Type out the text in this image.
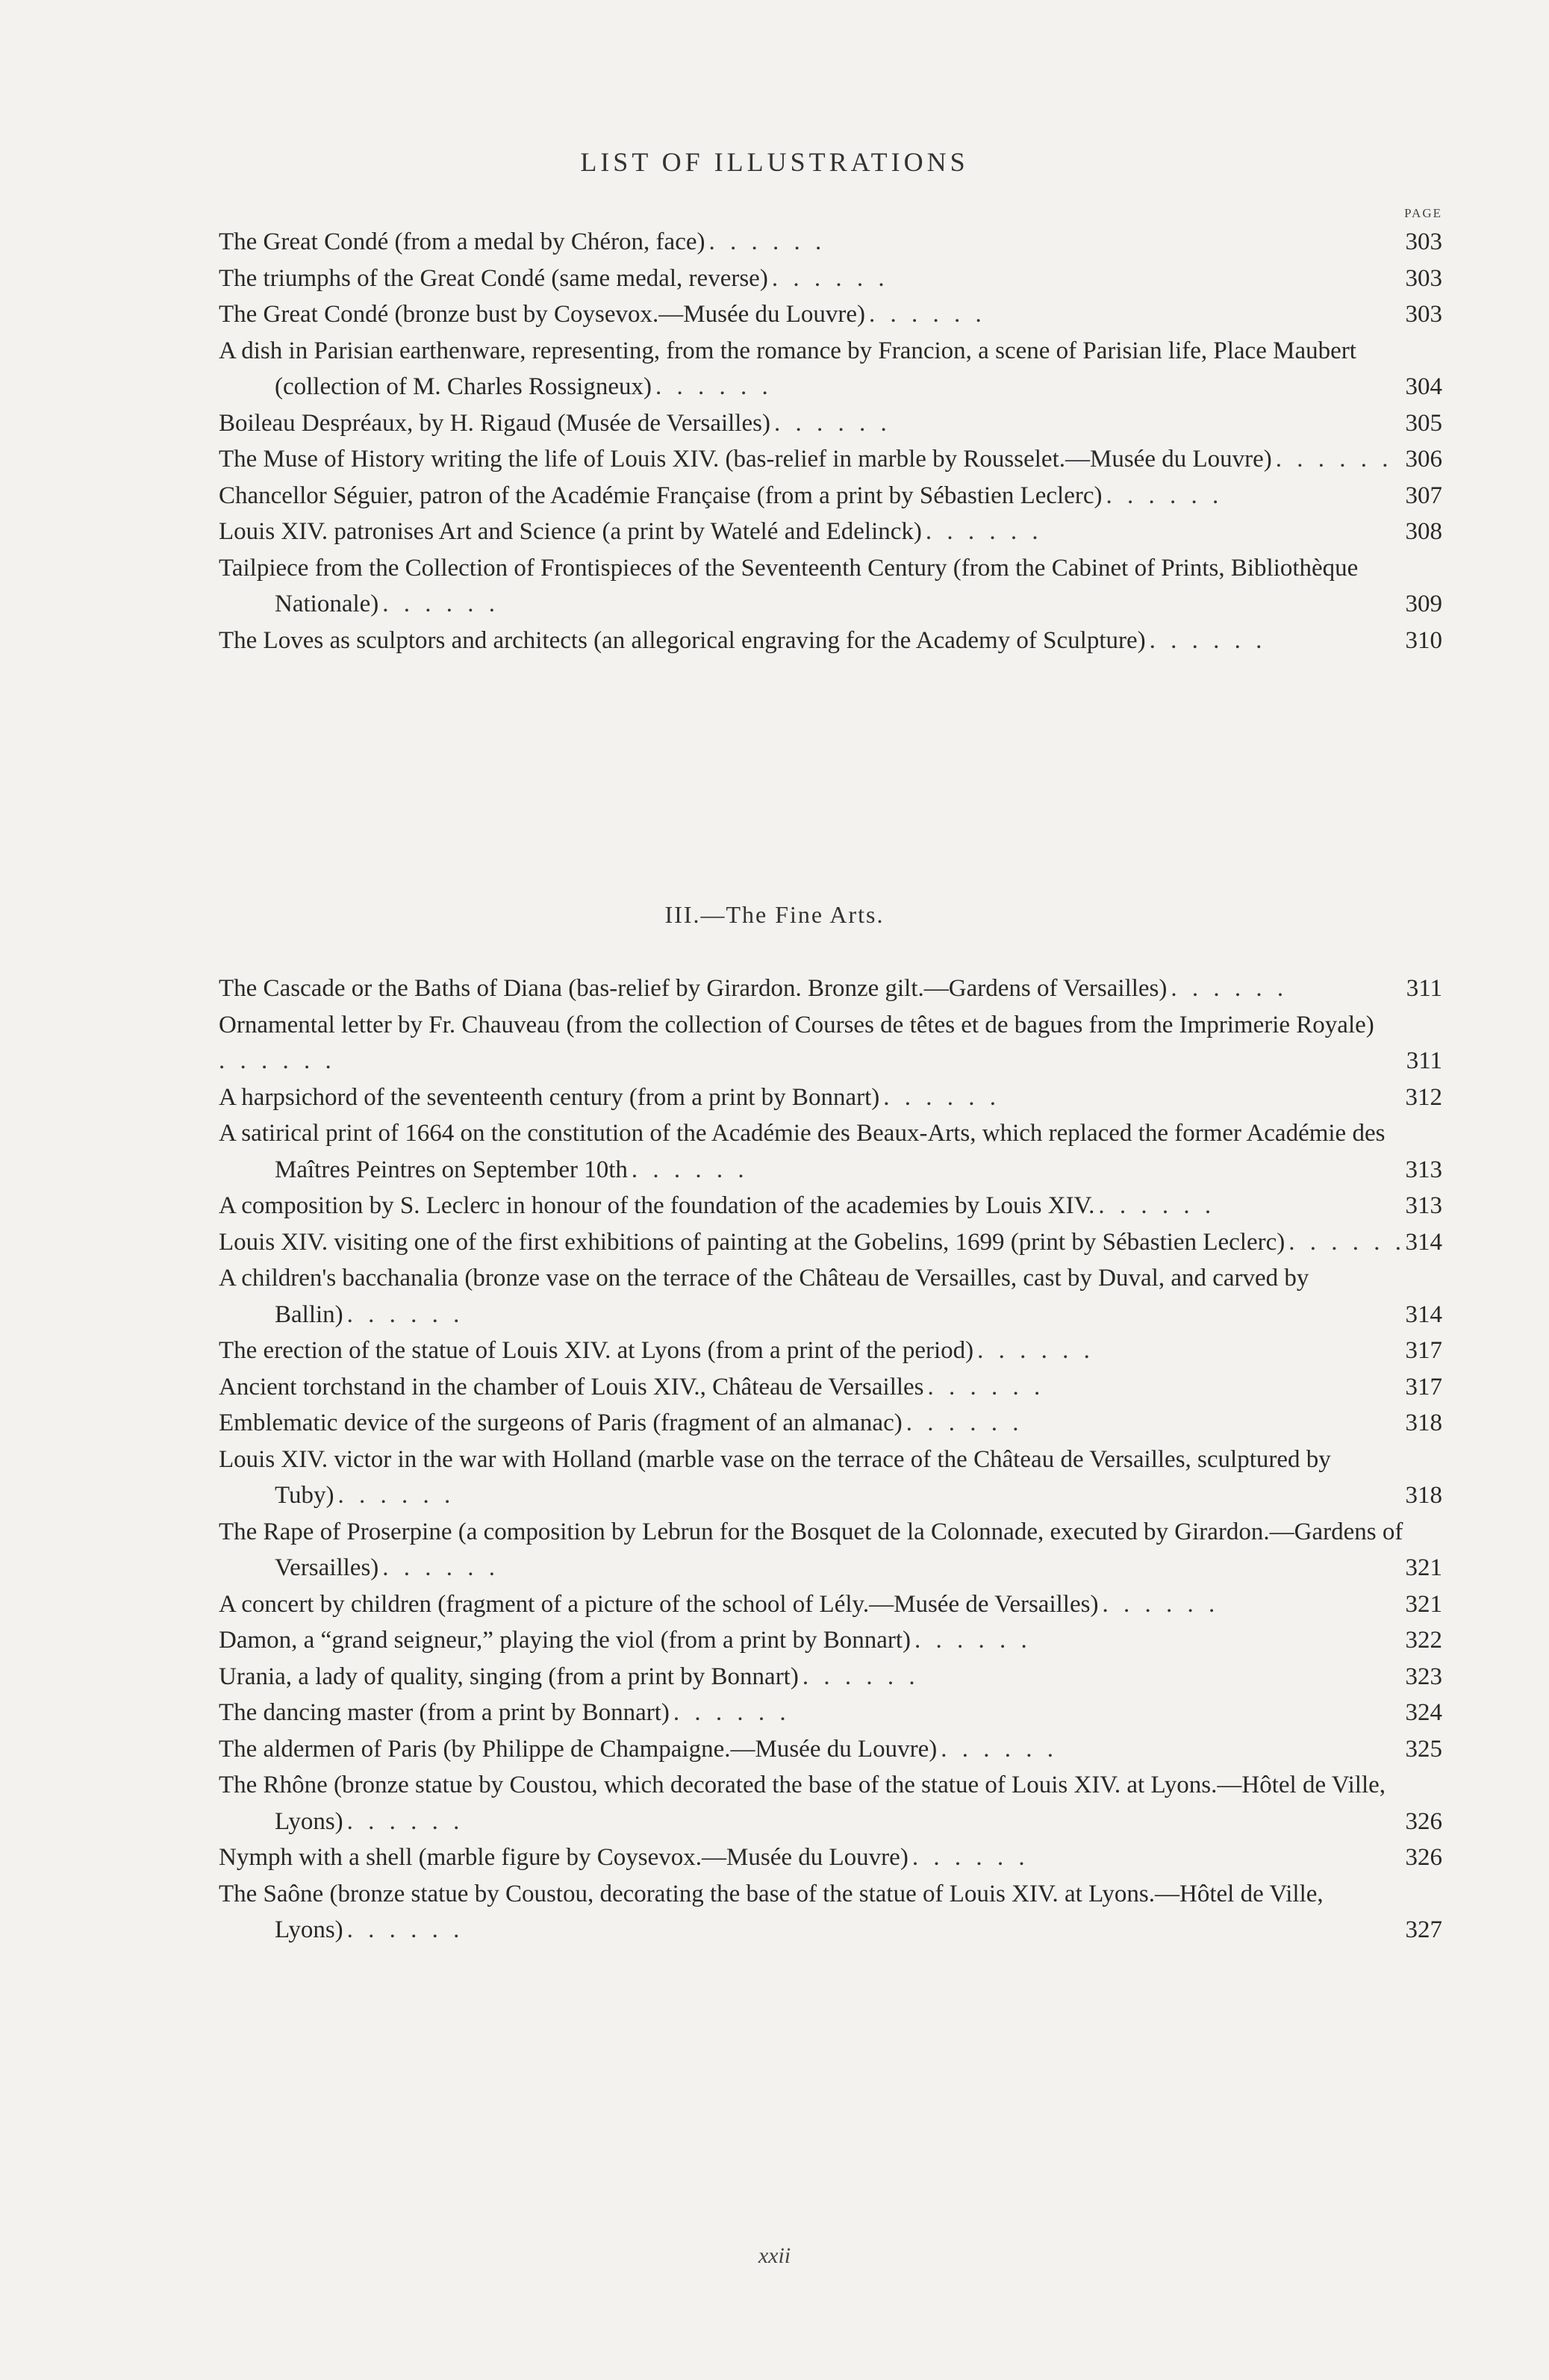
LIST OF ILLUSTRATIONS
PAGE
The Great Condé (from a medal by Chéron, face). . . . . .	303
The triumphs of the Great Condé (same medal, reverse). . . . . .	303
The Great Condé (bronze bust by Coysevox.—Musée du Louvre). . . . . .	303
A dish in Parisian earthenware, representing, from the romance by Francion, a scene of Parisian life, Place Maubert (collection of M. Charles Rossigneux). . . . . .	304
Boileau Despréaux, by H. Rigaud (Musée de Versailles). . . . . .	305
The Muse of History writing the life of Louis XIV. (bas-relief in marble by Rousselet.—Musée du Louvre). . . . . . 306
Chancellor Séguier, patron of the Académie Française (from a print by Sébastien Leclerc). . . . . .	307
Louis XIV. patronises Art and Science (a print by Watelé and Edelinck). . . . . .	308
Tailpiece from the Collection of Frontispieces of the Seventeenth Century (from the Cabinet of Prints, Bibliothèque Nationale). . . . . .	309
The Loves as sculptors and architects (an allegorical engraving for the Academy of Sculpture). . . . . .	310
III.—The Fine Arts.
The Cascade or the Baths of Diana (bas-relief by Girardon. Bronze gilt.—Gardens of Versailles). . . . . .	311
Ornamental letter by Fr. Chauveau (from the collection of Courses de têtes et de bagues from the Imprimerie Royale). . . . . .	311
A harpsichord of the seventeenth century (from a print by Bonnart). . . . . .	312
A satirical print of 1664 on the constitution of the Académie des Beaux-Arts, which replaced the former Académie des Maîtres Peintres on September 10th. . . . . .	313
A composition by S. Leclerc in honour of the foundation of the academies by Louis XIV.. . . . . .	313
Louis XIV. visiting one of the first exhibitions of painting at the Gobelins, 1699 (print by Sébastien Leclerc). . . . . . 314
A children's bacchanalia (bronze vase on the terrace of the Château de Versailles, cast by Duval, and carved by Ballin). . . . . .	314
The erection of the statue of Louis XIV. at Lyons (from a print of the period). . . . . .	317
Ancient torchstand in the chamber of Louis XIV., Château de Versailles. . . . . .	317
Emblematic device of the surgeons of Paris (fragment of an almanac). . . . . .	318
Louis XIV. victor in the war with Holland (marble vase on the terrace of the Château de Versailles, sculptured by Tuby). . . . . .	318
The Rape of Proserpine (a composition by Lebrun for the Bosquet de la Colonnade, executed by Girardon.—Gardens of Versailles). . . . . .	321
A concert by children (fragment of a picture of the school of Lély.—Musée de Versailles). . . . . .	321
Damon, a “grand seigneur,” playing the viol (from a print by Bonnart). . . . . .	322
Urania, a lady of quality, singing (from a print by Bonnart). . . . . .	323
The dancing master (from a print by Bonnart). . . . . .	324
The aldermen of Paris (by Philippe de Champaigne.—Musée du Louvre). . . . . .	325
The Rhône (bronze statue by Coustou, which decorated the base of the statue of Louis XIV. at Lyons.—Hôtel de Ville, Lyons). . . . . .	326
Nymph with a shell (marble figure by Coysevox.—Musée du Louvre). . . . . .	326
The Saône (bronze statue by Coustou, decorating the base of the statue of Louis XIV. at Lyons.—Hôtel de Ville, Lyons). . . . . .	327
xxii
